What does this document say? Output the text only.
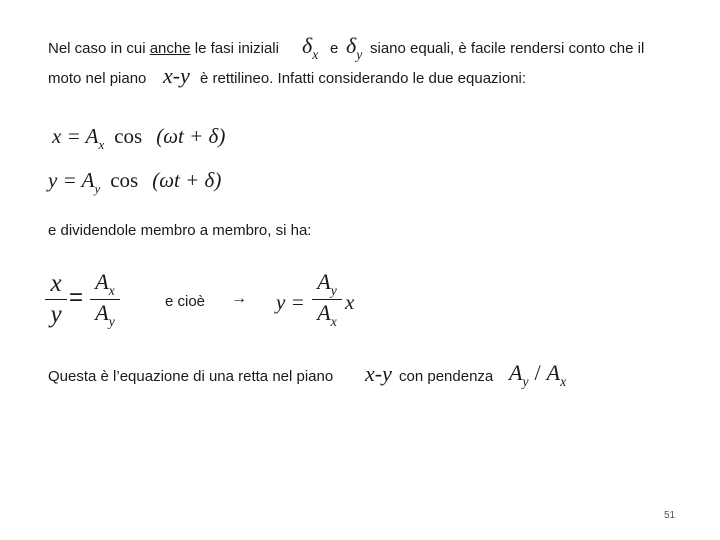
Nel caso in cui anche le fasi iniziali $\delta_x$ e $\delta_y$ siano equali, è facile rendersi conto che il
moto nel piano x-y è rettilineo. Infatti considerando le due equazioni:
$x = A_x$ cos (ωt + δ)
$y = A_y$ cos (ωt + δ)
e dividendole membro a membro, si ha:
x
y
=
$A_x$
$A_y$
e cioè → y =
$A_y$
$A_x$
x
Questa è l’equazione di una retta nel piano x-y con pendenza $A_y / A_x$
51
